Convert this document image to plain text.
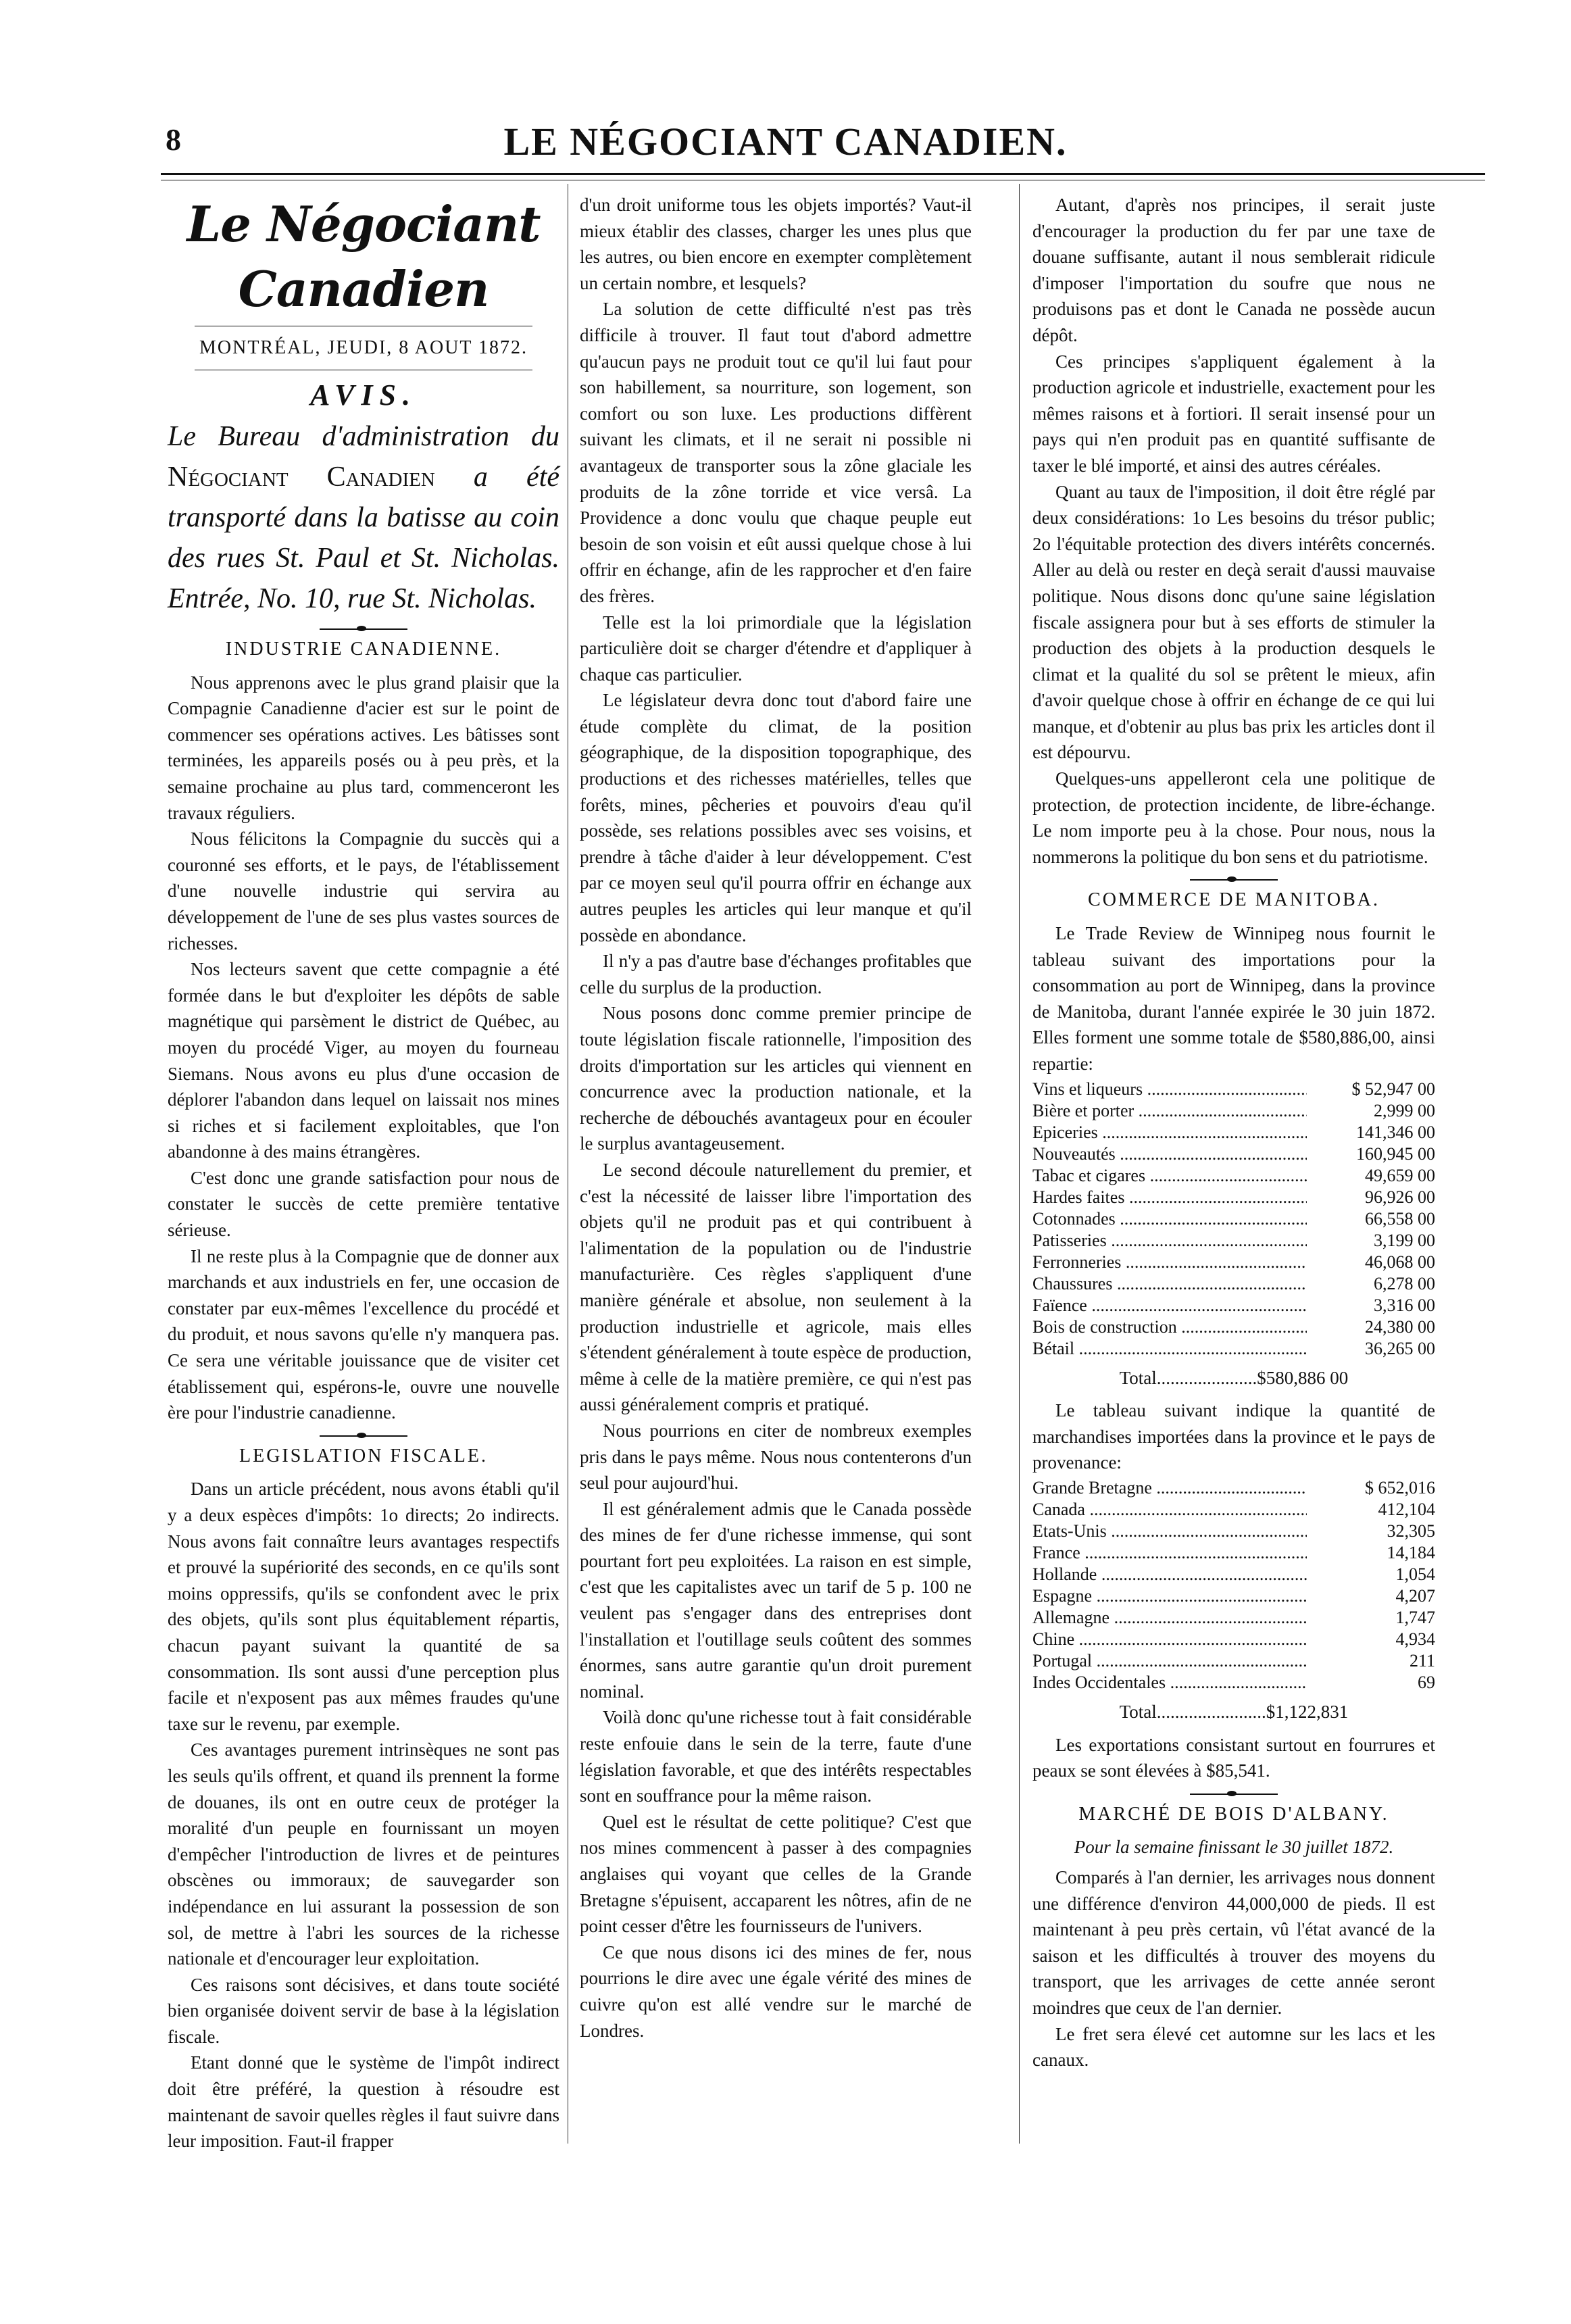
8	LE NÉGOCIANT CANADIEN.
Le Négociant Canadien
MONTRÉAL, JEUDI, 8 AOUT 1872.
AVIS.
Le Bureau d'administration du Négociant Canadien a été transporté dans la batisse au coin des rues St. Paul et St. Nicholas. Entrée, No. 10, rue St. Nicholas.
INDUSTRIE CANADIENNE.

Nous apprenons avec le plus grand plaisir que la Compagnie Canadienne d'acier est sur le point de commencer ses opérations actives. Les bâtisses sont terminées, les appareils posés ou à peu près, et la semaine prochaine au plus tard, commenceront les travaux réguliers.

Nous félicitons la Compagnie du succès qui a couronné ses efforts, et le pays, de l'établissement d'une nouvelle industrie qui servira au développement de l'une de ses plus vastes sources de richesses.

Nos lecteurs savent que cette compagnie a été formée dans le but d'exploiter les dépôts de sable magnétique qui parsèment le district de Québec, au moyen du procédé Viger, au moyen du fourneau Siemans. Nous avons eu plus d'une occasion de déplorer l'abandon dans lequel on laissait nos mines si riches et si facilement exploitables, que l'on abandonne à des mains étrangères.

C'est donc une grande satisfaction pour nous de constater le succès de cette première tentative sérieuse.

Il ne reste plus à la Compagnie que de donner aux marchands et aux industriels en fer, une occasion de constater par eux-mêmes l'excellence du procédé et du produit, et nous savons qu'elle n'y manquera pas. Ce sera une véritable jouissance que de visiter cet établissement qui, espérons-le, ouvre une nouvelle ère pour l'industrie canadienne.

LEGISLATION FISCALE.

Dans un article précédent, nous avons établi qu'il y a deux espèces d'impôts: 1o directs; 2o indirects. Nous avons fait connaître leurs avantages respectifs et prouvé la supériorité des seconds, en ce qu'ils sont moins oppressifs, qu'ils se confondent avec le prix des objets, qu'ils sont plus équitablement répartis, chacun payant suivant la quantité de sa consommation. Ils sont aussi d'une perception plus facile et n'exposent pas aux mêmes fraudes qu'une taxe sur le revenu, par exemple.

Ces avantages purement intrinsèques ne sont pas les seuls qu'ils offrent, et quand ils prennent la forme de douanes, ils ont en outre ceux de protéger la moralité d'un peuple en fournissant un moyen d'empêcher l'introduction de livres et de peintures obscènes ou immoraux; de sauvegarder son indépendance en lui assurant la possession de son sol, de mettre à l'abri les sources de la richesse nationale et d'encourager leur exploitation.

Ces raisons sont décisives, et dans toute société bien organisée doivent servir de base à la législation fiscale.

Etant donné que le système de l'impôt indirect doit être préféré, la question à résoudre est maintenant de savoir quelles règles il faut suivre dans leur imposition. Faut-il frapper

d'un droit uniforme tous les objets importés? Vaut-il mieux établir des classes, charger les unes plus que les autres, ou bien encore en exempter complètement un certain nombre, et lesquels?

La solution de cette difficulté n'est pas très difficile à trouver. Il faut tout d'abord admettre qu'aucun pays ne produit tout ce qu'il lui faut pour son habillement, sa nourriture, son logement, son comfort ou son luxe. Les productions diffèrent suivant les climats, et il ne serait ni possible ni avantageux de transporter sous la zône glaciale les produits de la zône torride et vice versâ. La Providence a donc voulu que chaque peuple eut besoin de son voisin et eût aussi quelque chose à lui offrir en échange, afin de les rapprocher et d'en faire des frères.

Telle est la loi primordiale que la législation particulière doit se charger d'étendre et d'appliquer à chaque cas particulier.

Le législateur devra donc tout d'abord faire une étude complète du climat, de la position géographique, de la disposition topographique, des productions et des richesses matérielles, telles que forêts, mines, pêcheries et pouvoirs d'eau qu'il possède, ses relations possibles avec ses voisins, et prendre à tâche d'aider à leur développement. C'est par ce moyen seul qu'il pourra offrir en échange aux autres peuples les articles qui leur manque et qu'il possède en abondance.

Il n'y a pas d'autre base d'échanges profitables que celle du surplus de la production.

Nous posons donc comme premier principe de toute législation fiscale rationnelle, l'imposition des droits d'importation sur les articles qui viennent en concurrence avec la production nationale, et la recherche de débouchés avantageux pour en écouler le surplus avantageusement.

Le second découle naturellement du premier, et c'est la nécessité de laisser libre l'importation des objets qu'il ne produit pas et qui contribuent à l'alimentation de la population ou de l'industrie manufacturière. Ces règles s'appliquent d'une manière générale et absolue, non seulement à la production industrielle et agricole, mais elles s'étendent généralement à toute espèce de production, même à celle de la matière première, ce qui n'est pas aussi généralement compris et pratiqué.

Nous pourrions en citer de nombreux exemples pris dans le pays même. Nous nous contenterons d'un seul pour aujourd'hui.

Il est généralement admis que le Canada possède des mines de fer d'une richesse immense, qui sont pourtant fort peu exploitées. La raison en est simple, c'est que les capitalistes avec un tarif de 5 p. 100 ne veulent pas s'engager dans des entreprises dont l'installation et l'outillage seuls coûtent des sommes énormes, sans autre garantie qu'un droit purement nominal.

Voilà donc qu'une richesse tout à fait considérable reste enfouie dans le sein de la terre, faute d'une législation favorable, et que des intérêts respectables sont en souffrance pour la même raison.

Quel est le résultat de cette politique? C'est que nos mines commencent à passer à des compagnies anglaises qui voyant que celles de la Grande Bretagne s'épuisent, accaparent les nôtres, afin de ne point cesser d'être les fournisseurs de l'univers.

Ce que nous disons ici des mines de fer, nous pourrions le dire avec une égale vérité des mines de cuivre qu'on est allé vendre sur le marché de Londres.

Autant, d'après nos principes, il serait juste d'encourager la production du fer par une taxe de douane suffisante, autant il nous semblerait ridicule d'imposer l'importation du soufre que nous ne produisons pas et dont le Canada ne possède aucun dépôt.

Ces principes s'appliquent également à la production agricole et industrielle, exactement pour les mêmes raisons et à fortiori. Il serait insensé pour un pays qui n'en produit pas en quantité suffisante de taxer le blé importé, et ainsi des autres céréales.

Quant au taux de l'imposition, il doit être réglé par deux considérations: 1o Les besoins du trésor public; 2o l'équitable protection des divers intérêts concernés. Aller au delà ou rester en deçà serait d'aussi mauvaise politique. Nous disons donc qu'une saine législation fiscale assignera pour but à ses efforts de stimuler la production des objets à la production desquels le climat et la qualité du sol se prêtent le mieux, afin d'avoir quelque chose à offrir en échange de ce qui lui manque, et d'obtenir au plus bas prix les articles dont il est dépourvu.

Quelques-uns appelleront cela une politique de protection, de protection incidente, de libre-échange. Le nom importe peu à la chose. Pour nous, nous la nommerons la politique du bon sens et du patriotisme.

COMMERCE DE MANITOBA.

Le Trade Review de Winnipeg nous fournit le tableau suivant des importations pour la consommation au port de Winnipeg, dans la province de Manitoba, durant l'année expirée le 30 juin 1872. Elles forment une somme totale de $580,886,00, ainsi repartie:

Vins et liqueurs .....	$ 52,947 00
Bière et porter .....	2,999 00
Epiceries .....	141,346 00
Nouveautés .....	160,945 00
Tabac et cigares .....	49,659 00
Hardes faites .....	96,926 00
Cotonnades .....	66,558 00
Patisseries .....	3,199 00
Ferronneries .....	46,068 00
Chaussures .....	6,278 00
Faïence .....	3,316 00
Bois de construction .....	24,380 00
Bétail .....	36,265 00
Total......................$580,886 00

Le tableau suivant indique la quantité de marchandises importées dans la province et le pays de provenance:

Grande Bretagne .....	$ 652,016
Canada .....	412,104
Etats-Unis .....	32,305
France .....	14,184
Hollande .....	1,054
Espagne .....	4,207
Allemagne .....	1,747
Chine .....	4,934
Portugal .....	211
Indes Occidentales .....	69
Total........................$1,122,831

Les exportations consistant surtout en fourrures et peaux se sont élevées à $85,541.

MARCHÉ DE BOIS D'ALBANY.
Pour la semaine finissant le 30 juillet 1872.

Comparés à l'an dernier, les arrivages nous donnent une différence d'environ 44,000,000 de pieds. Il est maintenant à peu près certain, vû l'état avancé de la saison et les difficultés à trouver des moyens du transport, que les arrivages de cette année seront moindres que ceux de l'an dernier.

Le fret sera élevé cet automne sur les lacs et les canaux.
